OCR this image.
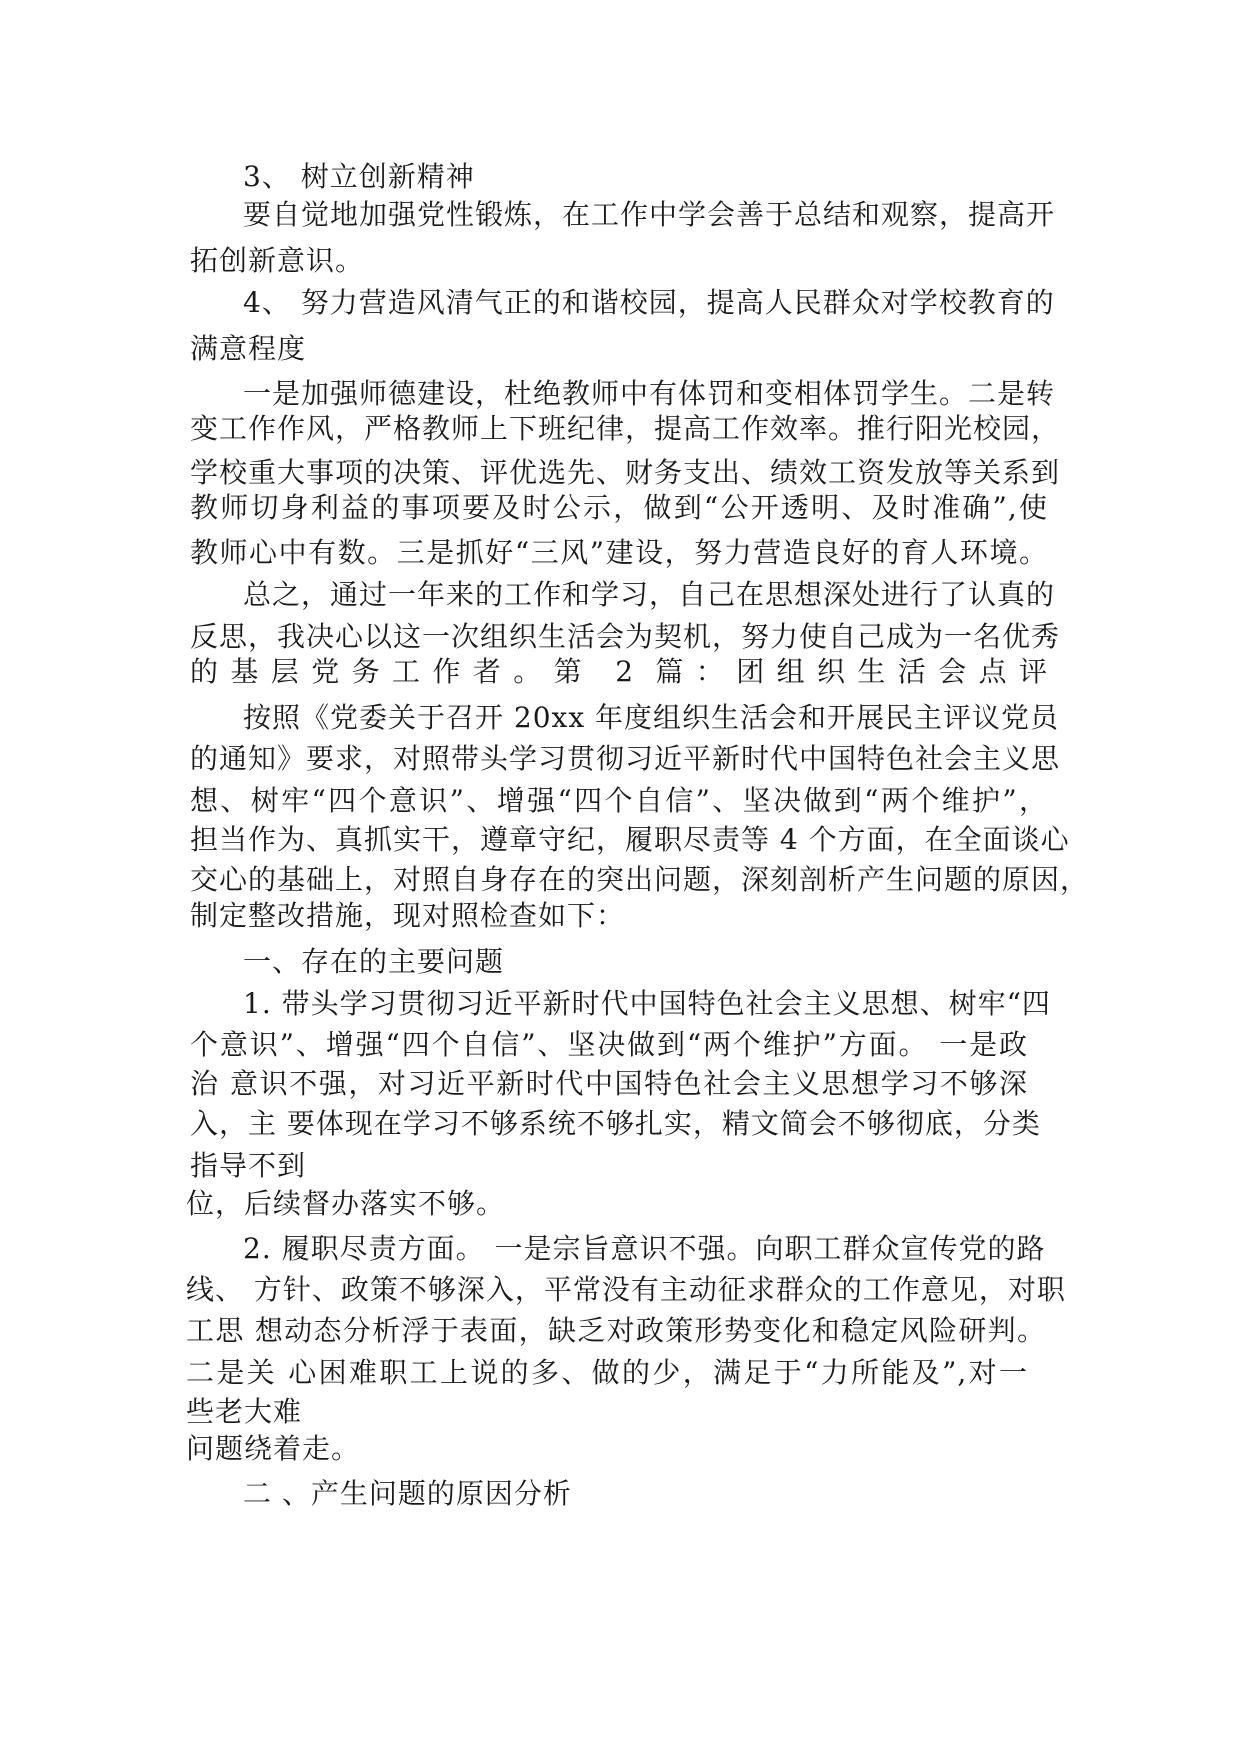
3、 树立创新精神
要自觉地加强党性锻炼，在工作中学会善于总结和观察，提高开
拓创新意识。
4、 努力营造风清气正的和谐校园，提高人民群众对学校教育的
满意程度
一是加强师德建设，杜绝教师中有体罚和变相体罚学生。二是转
变工作作风，严格教师上下班纪律，提高工作效率。推行阳光校园，
学校重大事项的决策、评优选先、财务支出、绩效工资发放等关系到
教师切身利益的事项要及时公示，做到“公开透明、及时准确”,使
教师心中有数。三是抓好“三风”建设，努力营造良好的育人环境。
总之，通过一年来的工作和学习，自己在思想深处进行了认真的
反思，我决心以这一次组织生活会为契机，努力使自己成为一名优秀
的基层党务工作者。第 2 篇：团组织生活会点评
按照《党委关于召开 20xx 年度组织生活会和开展民主评议党员
的通知》要求，对照带头学习贯彻习近平新时代中国特色社会主义思
想、树牢“四个意识”、增强“四个自信”、坚决做到“两个维护”，
担当作为、真抓实干，遵章守纪，履职尽责等 4 个方面，在全面谈心
交心的基础上，对照自身存在的突出问题，深刻剖析产生问题的原因，
制定整改措施，现对照检查如下：
一、存在的主要问题
1. 带头学习贯彻习近平新时代中国特色社会主义思想、树牢“四
个意识”、增强“四个自信”、坚决做到“两个维护”方面。 一是政
治 意识不强，对习近平新时代中国特色社会主义思想学习不够深
入，主 要体现在学习不够系统不够扎实，精文简会不够彻底，分类
指导不到
位，后续督办落实不够。
2. 履职尽责方面。 一是宗旨意识不强。向职工群众宣传党的路
线、 方针、政策不够深入，平常没有主动征求群众的工作意见，对职
工思 想动态分析浮于表面，缺乏对政策形势变化和稳定风险研判。
二是关 心困难职工上说的多、做的少，满足于“力所能及”,对一
些老大难
问题绕着走。
二 、产生问题的原因分析
